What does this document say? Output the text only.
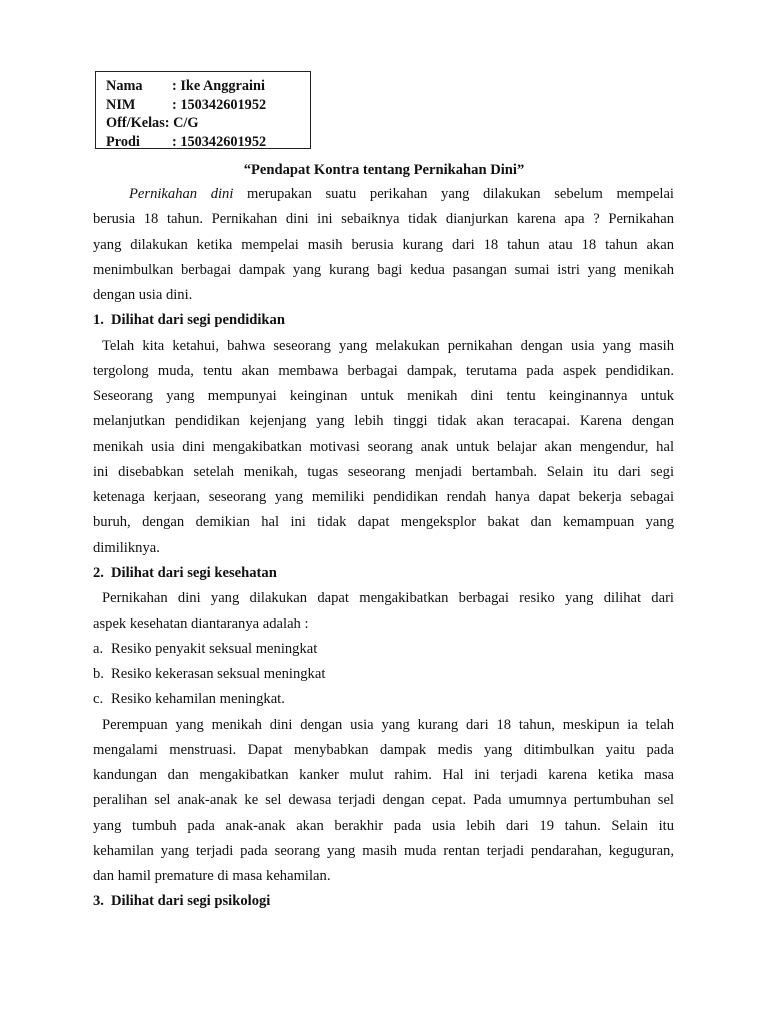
Nama : Ike Anggraini
NIM	: 150342601952
Off/Kelas: C/G
Prodi : 150342601952
“Pendapat Kontra tentang Pernikahan Dini”
Pernikahan dini merupakan suatu perikahan yang dilakukan sebelum mempelai
berusia 18 tahun. Pernikahan dini ini sebaiknya tidak dianjurkan karena apa ? Pernikahan
yang dilakukan ketika mempelai masih berusia kurang dari 18 tahun atau 18 tahun akan
menimbulkan berbagai dampak yang kurang bagi kedua pasangan sumai istri yang menikah
dengan usia dini.
1. Dilihat dari segi pendidikan
Telah kita ketahui, bahwa seseorang yang melakukan pernikahan dengan usia yang masih
tergolong muda, tentu akan membawa berbagai dampak, terutama pada aspek pendidikan.
Seseorang yang mempunyai keinginan untuk menikah dini tentu keinginannya untuk
melanjutkan pendidikan kejenjang yang lebih tinggi tidak akan teracapai. Karena dengan
menikah usia dini mengakibatkan motivasi seorang anak untuk belajar akan mengendur, hal
ini disebabkan setelah menikah, tugas seseorang menjadi bertambah. Selain itu dari segi
ketenaga kerjaan, seseorang yang memiliki pendidikan rendah hanya dapat bekerja sebagai
buruh, dengan demikian hal ini tidak dapat mengeksplor bakat dan kemampuan yang
dimiliknya.
2. Dilihat dari segi kesehatan
Pernikahan dini yang dilakukan dapat mengakibatkan berbagai resiko yang dilihat dari
aspek kesehatan diantaranya adalah :
a. Resiko penyakit seksual meningkat
b. Resiko kekerasan seksual meningkat
c. Resiko kehamilan meningkat.
Perempuan yang menikah dini dengan usia yang kurang dari 18 tahun, meskipun ia telah
mengalami menstruasi. Dapat menybabkan dampak medis yang ditimbulkan yaitu pada
kandungan dan mengakibatkan kanker mulut rahim. Hal ini terjadi karena ketika masa
peralihan sel anak-anak ke sel dewasa terjadi dengan cepat. Pada umumnya pertumbuhan sel
yang tumbuh pada anak-anak akan berakhir pada usia lebih dari 19 tahun. Selain itu
kehamilan yang terjadi pada seorang yang masih muda rentan terjadi pendarahan, keguguran,
dan hamil premature di masa kehamilan.
3. Dilihat dari segi psikologi
